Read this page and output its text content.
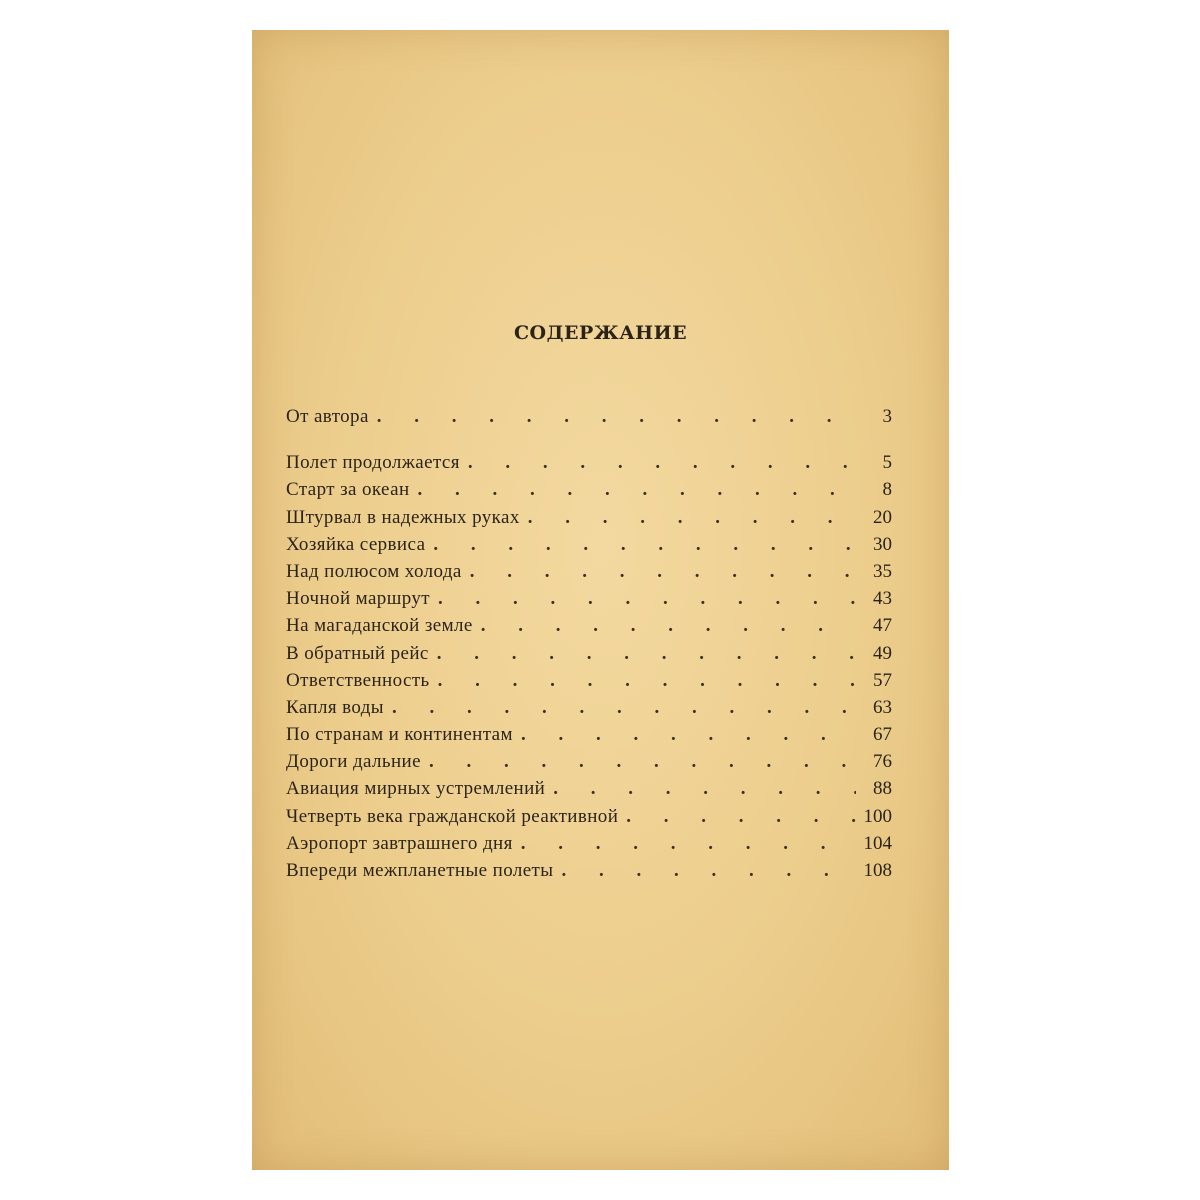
СОДЕРЖАНИЕ
От автора . . .	3
Полет продолжается . . .	5
Старт за океан . . .	8
Штурвал в надежных руках . . .	20
Хозяйка сервиса . . .	30
Над полюсом холода . . .	35
Ночной маршрут . . .	43
На магаданской земле . . .	47
В обратный рейс . . .	49
Ответственность . . .	57
Капля воды . . .	63
По странам и континентам . . .	67
Дороги дальние . . .	76
Авиация мирных устремлений . . .	88
Четверть века гражданской реактивной . . .	100
Аэропорт завтрашнего дня . . .	104
Впереди межпланетные полеты . . .	108
